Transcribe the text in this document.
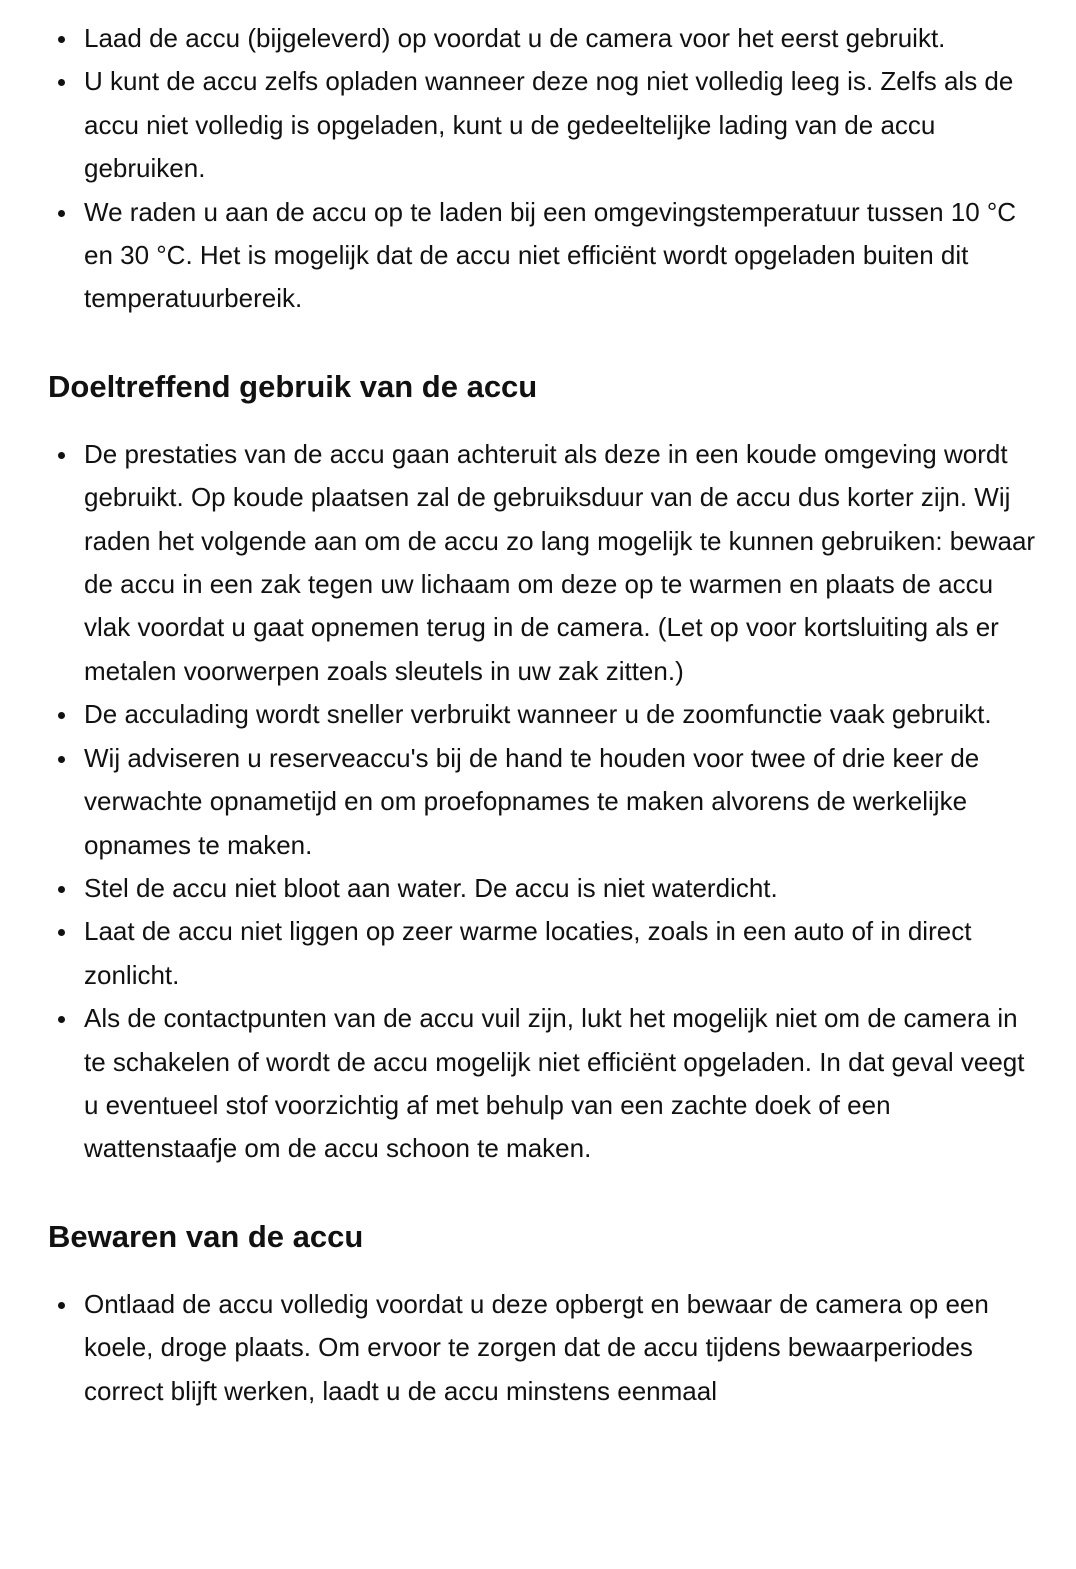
Laad de accu (bijgeleverd) op voordat u de camera voor het eerst gebruikt.
U kunt de accu zelfs opladen wanneer deze nog niet volledig leeg is. Zelfs als de accu niet volledig is opgeladen, kunt u de gedeeltelijke lading van de accu gebruiken.
We raden u aan de accu op te laden bij een omgevingstemperatuur tussen 10 °C en 30 °C. Het is mogelijk dat de accu niet efficiënt wordt opgeladen buiten dit temperatuurbereik.
Doeltreffend gebruik van de accu
De prestaties van de accu gaan achteruit als deze in een koude omgeving wordt gebruikt. Op koude plaatsen zal de gebruiksduur van de accu dus korter zijn. Wij raden het volgende aan om de accu zo lang mogelijk te kunnen gebruiken: bewaar de accu in een zak tegen uw lichaam om deze op te warmen en plaats de accu vlak voordat u gaat opnemen terug in de camera. (Let op voor kortsluiting als er metalen voorwerpen zoals sleutels in uw zak zitten.)
De acculading wordt sneller verbruikt wanneer u de zoomfunctie vaak gebruikt.
Wij adviseren u reserveaccu's bij de hand te houden voor twee of drie keer de verwachte opnametijd en om proefopnames te maken alvorens de werkelijke opnames te maken.
Stel de accu niet bloot aan water. De accu is niet waterdicht.
Laat de accu niet liggen op zeer warme locaties, zoals in een auto of in direct zonlicht.
Als de contactpunten van de accu vuil zijn, lukt het mogelijk niet om de camera in te schakelen of wordt de accu mogelijk niet efficiënt opgeladen. In dat geval veegt u eventueel stof voorzichtig af met behulp van een zachte doek of een wattenstaafje om de accu schoon te maken.
Bewaren van de accu
Ontlaad de accu volledig voordat u deze opbergt en bewaar de camera op een koele, droge plaats. Om ervoor te zorgen dat de accu tijdens bewaarperiodes correct blijft werken, laadt u de accu minstens eenmaal
